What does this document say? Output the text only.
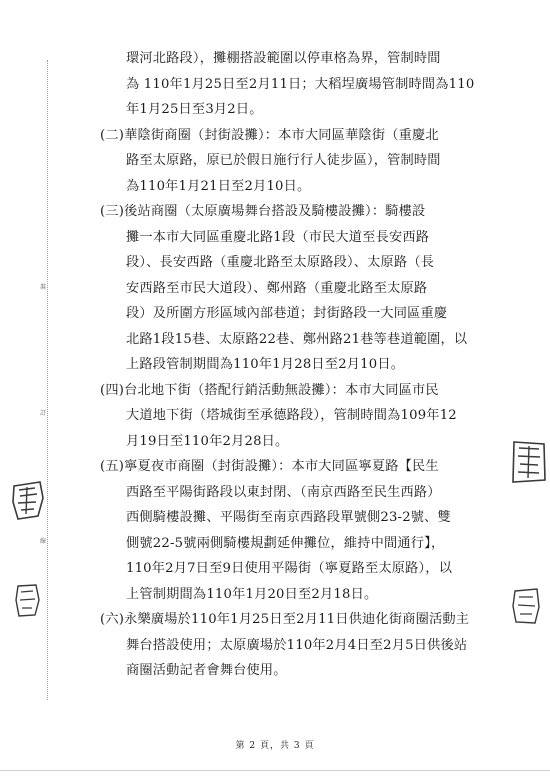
裝
訂
線
環河北路段），攤棚搭設範圍以停車格為界，管制時間
為 110年1月25日至2月11日；大稻埕廣場管制時間為110
年1月25日至3月2日。
(二)華陰街商圈（封街設攤）：本市大同區華陰街（重慶北
路至太原路，原已於假日施行行人徒步區），管制時間
為110年1月21日至2月10日。
(三)後站商圈（太原廣場舞台搭設及騎樓設攤）：騎樓設
攤一本市大同區重慶北路1段（市民大道至長安西路
段）、長安西路（重慶北路至太原路段）、太原路（長
安西路至市民大道段）、鄭州路（重慶北路至太原路
段）及所圍方形區域內部巷道；封街路段一大同區重慶
北路1段15巷、太原路22巷、鄭州路21巷等巷道範圍，以
上路段管制期間為110年1月28日至2月10日。
(四)台北地下街（搭配行銷活動無設攤）：本市大同區市民
大道地下街（塔城街至承德路段），管制時間為109年12
月19日至110年2月28日。
(五)寧夏夜市商圈（封街設攤）：本市大同區寧夏路【民生
西路至平陽街路段以東封閉、（南京西路至民生西路）
西側騎樓設攤、平陽街至南京西路段單號側23-2號、雙
側號22-5號兩側騎樓規劃延伸攤位，維持中間通行】，
110年2月7日至9日使用平陽街（寧夏路至太原路），以
上管制期間為110年1月20日至2月18日。
(六)永樂廣場於110年1月25日至2月11日供迪化街商圈活動主
舞台搭設使用；太原廣場於110年2月4日至2月5日供後站
商圈活動記者會舞台使用。
第 2 頁，共 3 頁
